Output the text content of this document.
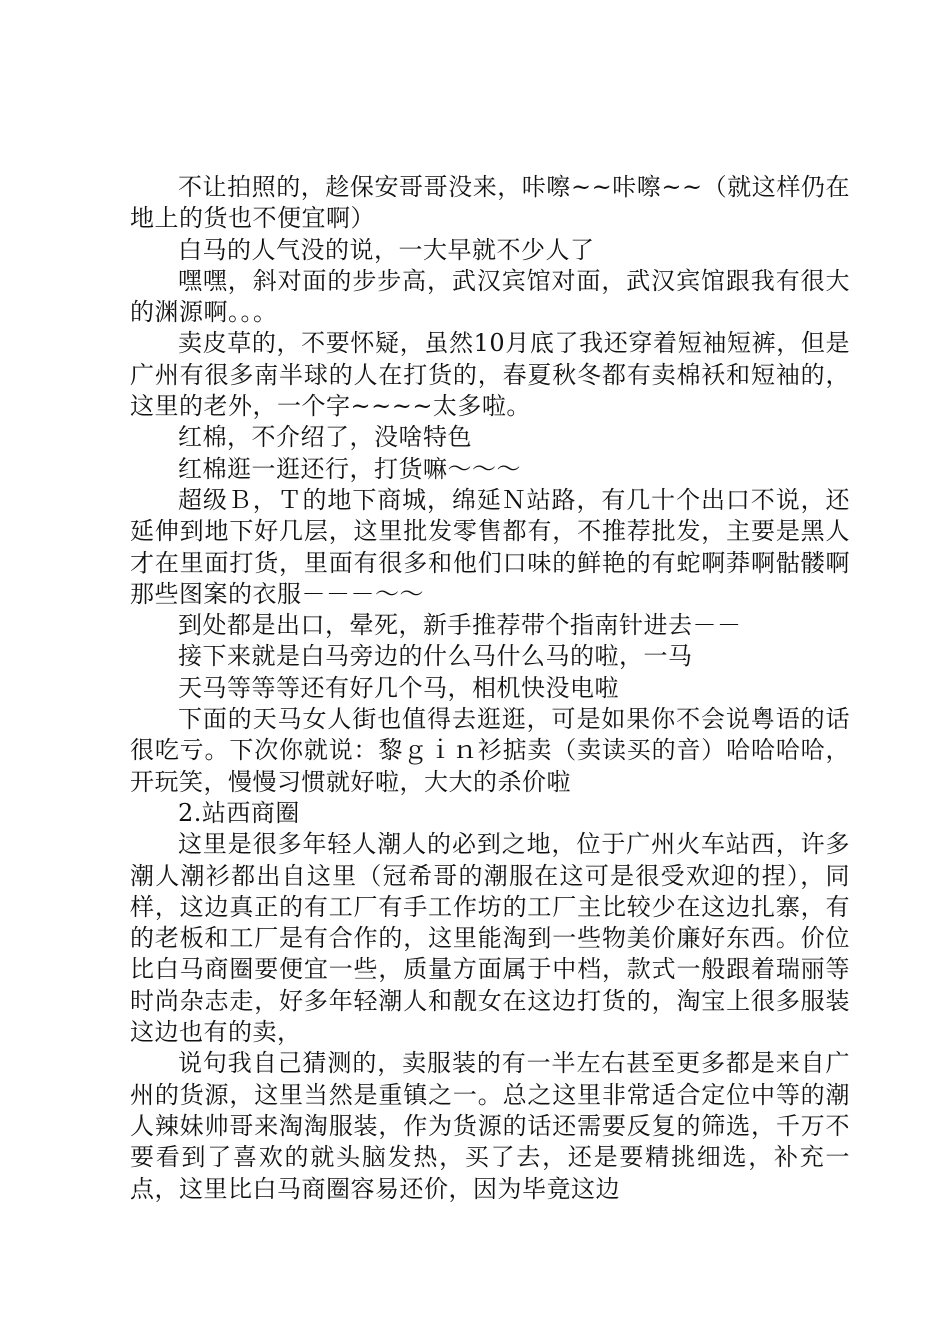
不让拍照的，趁保安哥哥没来，咔嚓~~咔嚓~~（就这样仍在地上的货也不便宜啊）

白马的人气没的说，一大早就不少人了

嘿嘿，斜对面的步步高，武汉宾馆对面，武汉宾馆跟我有很大的渊源啊。。。

卖皮草的，不要怀疑，虽然10月底了我还穿着短袖短裤，但是广州有很多南半球的人在打货的，春夏秋冬都有卖棉袄和短袖的，这里的老外，一个字~~~~太多啦。

红棉，不介绍了，没啥特色

红棉逛一逛还行，打货嘛～～～

超级Ｂ，Ｔ的地下商城，绵延Ｎ站路，有几十个出口不说，还延伸到地下好几层，这里批发零售都有，不推荐批发，主要是黑人才在里面打货，里面有很多和他们口味的鲜艳的有蛇啊莽啊骷髅啊那些图案的衣服－－－～～

到处都是出口，晕死，新手推荐带个指南针进去－－

接下来就是白马旁边的什么马什么马的啦，一马

天马等等等还有好几个马，相机快没电啦

下面的天马女人街也值得去逛逛，可是如果你不会说粤语的话很吃亏。下次你就说：黎ｇｉｎ衫掂卖（卖读买的音）哈哈哈哈，开玩笑，慢慢习惯就好啦，大大的杀价啦

2.站西商圈

这里是很多年轻人潮人的必到之地，位于广州火车站西，许多潮人潮衫都出自这里（冠希哥的潮服在这可是很受欢迎的捏），同样，这边真正的有工厂有手工作坊的工厂主比较少在这边扎寨，有的老板和工厂是有合作的，这里能淘到一些物美价廉好东西。价位比白马商圈要便宜一些，质量方面属于中档，款式一般跟着瑞丽等时尚杂志走，好多年轻潮人和靓女在这边打货的，淘宝上很多服装这边也有的卖，

说句我自己猜测的，卖服装的有一半左右甚至更多都是来自广州的货源，这里当然是重镇之一。总之这里非常适合定位中等的潮人辣妹帅哥来淘淘服装，作为货源的话还需要反复的筛选，千万不要看到了喜欢的就头脑发热，买了去，还是要精挑细选，补充一点，这里比白马商圈容易还价，因为毕竟这边
